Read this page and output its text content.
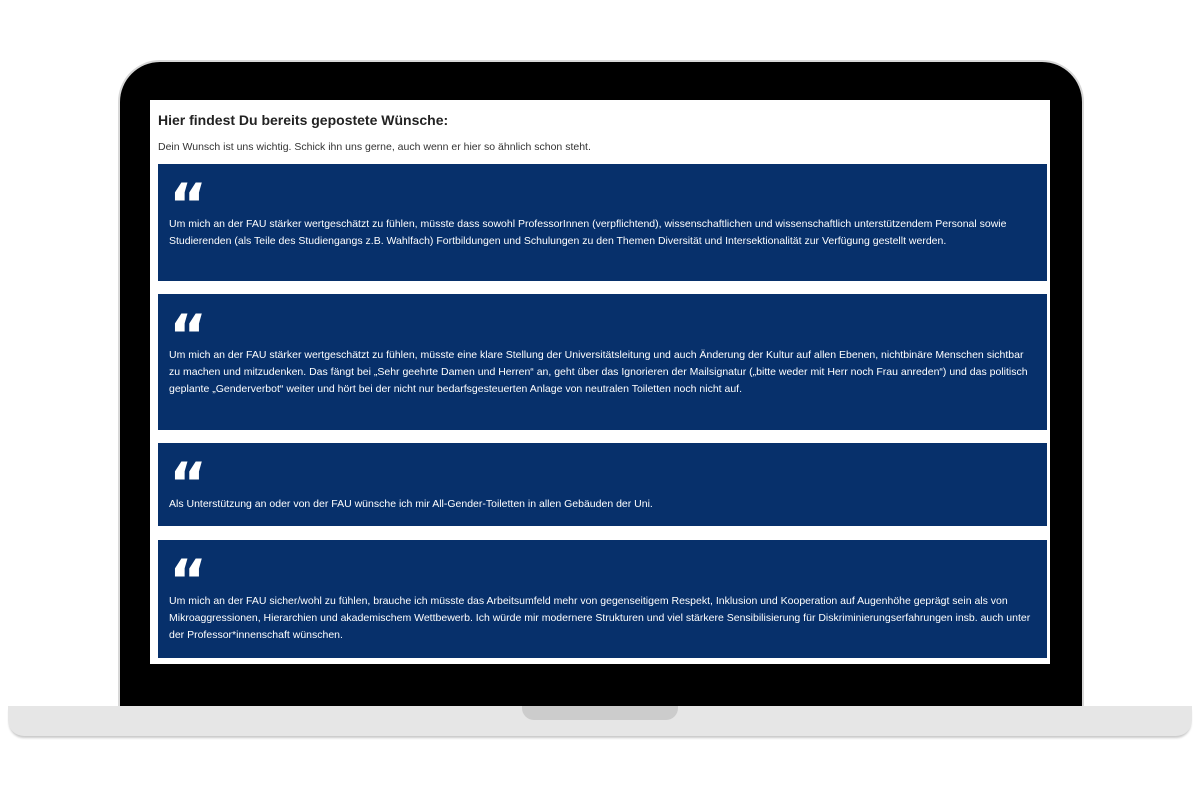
Hier findest Du bereits gepostete Wünsche:

Dein Wunsch ist uns wichtig. Schick ihn uns gerne, auch wenn er hier so ähnlich schon steht.

“

Um mich an der FAU stärker wertgeschätzt zu fühlen, müsste dass sowohl ProfessorInnen (verpflichtend), wissenschaftlichen und wissenschaftlich unterstützendem Personal sowie Studierenden (als Teile des Studiengangs z.B. Wahlfach) Fortbildungen und Schulungen zu den Themen Diversität und Intersektionalität zur Verfügung gestellt werden.

“

Um mich an der FAU stärker wertgeschätzt zu fühlen, müsste eine klare Stellung der Universitätsleitung und auch Änderung der Kultur auf allen Ebenen, nichtbinäre Menschen sichtbar zu machen und mitzudenken. Das fängt bei „Sehr geehrte Damen und Herren“ an, geht über das Ignorieren der Mailsignatur („bitte weder mit Herr noch Frau anreden“) und das politisch geplante „Genderverbot“ weiter und hört bei der nicht nur bedarfsgesteuerten Anlage von neutralen Toiletten noch nicht auf.

“

Als Unterstützung an oder von der FAU wünsche ich mir All-Gender-Toiletten in allen Gebäuden der Uni.

“

Um mich an der FAU sicher/wohl zu fühlen, brauche ich müsste das Arbeitsumfeld mehr von gegenseitigem Respekt, Inklusion und Kooperation auf Augenhöhe geprägt sein als von Mikroaggressionen, Hierarchien und akademischem Wettbewerb. Ich würde mir modernere Strukturen und viel stärkere Sensibilisierung für Diskriminierungserfahrungen insb. auch unter der Professor*innenschaft wünschen.
